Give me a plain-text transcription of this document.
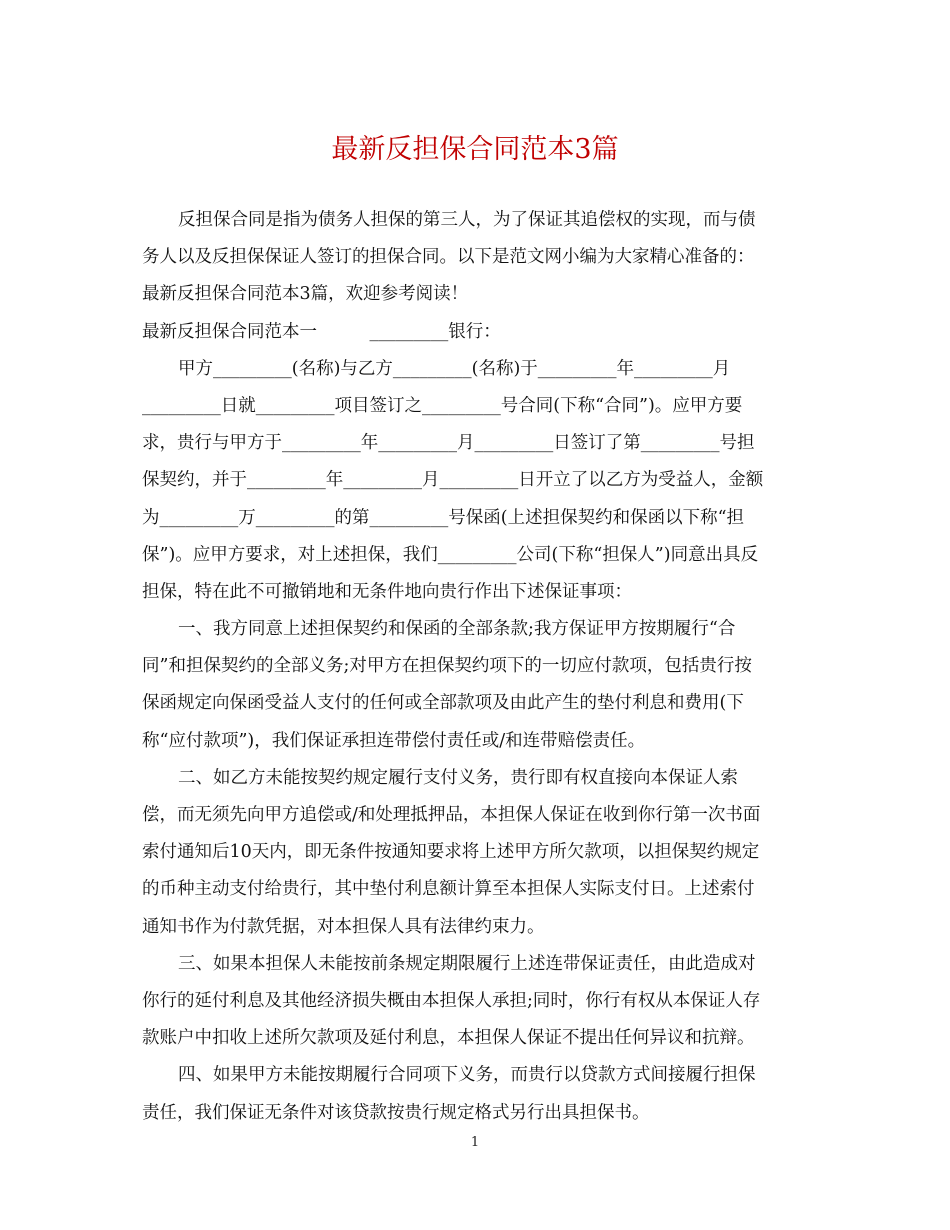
最新反担保合同范本3篇

反担保合同是指为债务人担保的第三人，为了保证其追偿权的实现，而与债

务人以及反担保保证人签订的担保合同。以下是范文网小编为大家精心准备的：

最新反担保合同范本3篇，欢迎参考阅读！

最新反担保合同范本一　　　_________银行：

甲方_________(名称)与乙方_________(名称)于_________年_________月

_________日就_________项目签订之_________号合同(下称“合同”)。应甲方要

求，贵行与甲方于_________年_________月_________日签订了第_________号担

保契约，并于_________年_________月_________日开立了以乙方为受益人，金额

为_________万_________的第_________号保函(上述担保契约和保函以下称“担

保”)。应甲方要求，对上述担保，我们_________公司(下称“担保人”)同意出具反

担保，特在此不可撤销地和无条件地向贵行作出下述保证事项：

一、我方同意上述担保契约和保函的全部条款;我方保证甲方按期履行“合

同”和担保契约的全部义务;对甲方在担保契约项下的一切应付款项，包括贵行按

保函规定向保函受益人支付的任何或全部款项及由此产生的垫付利息和费用(下

称“应付款项”)，我们保证承担连带偿付责任或/和连带赔偿责任。

二、如乙方未能按契约规定履行支付义务，贵行即有权直接向本保证人索

偿，而无须先向甲方追偿或/和处理抵押品，本担保人保证在收到你行第一次书面

索付通知后10天内，即无条件按通知要求将上述甲方所欠款项，以担保契约规定

的币种主动支付给贵行，其中垫付利息额计算至本担保人实际支付日。上述索付

通知书作为付款凭据，对本担保人具有法律约束力。

三、如果本担保人未能按前条规定期限履行上述连带保证责任，由此造成对

你行的延付利息及其他经济损失概由本担保人承担;同时，你行有权从本保证人存

款账户中扣收上述所欠款项及延付利息，本担保人保证不提出任何异议和抗辩。

四、如果甲方未能按期履行合同项下义务，而贵行以贷款方式间接履行担保

责任，我们保证无条件对该贷款按贵行规定格式另行出具担保书。

1
